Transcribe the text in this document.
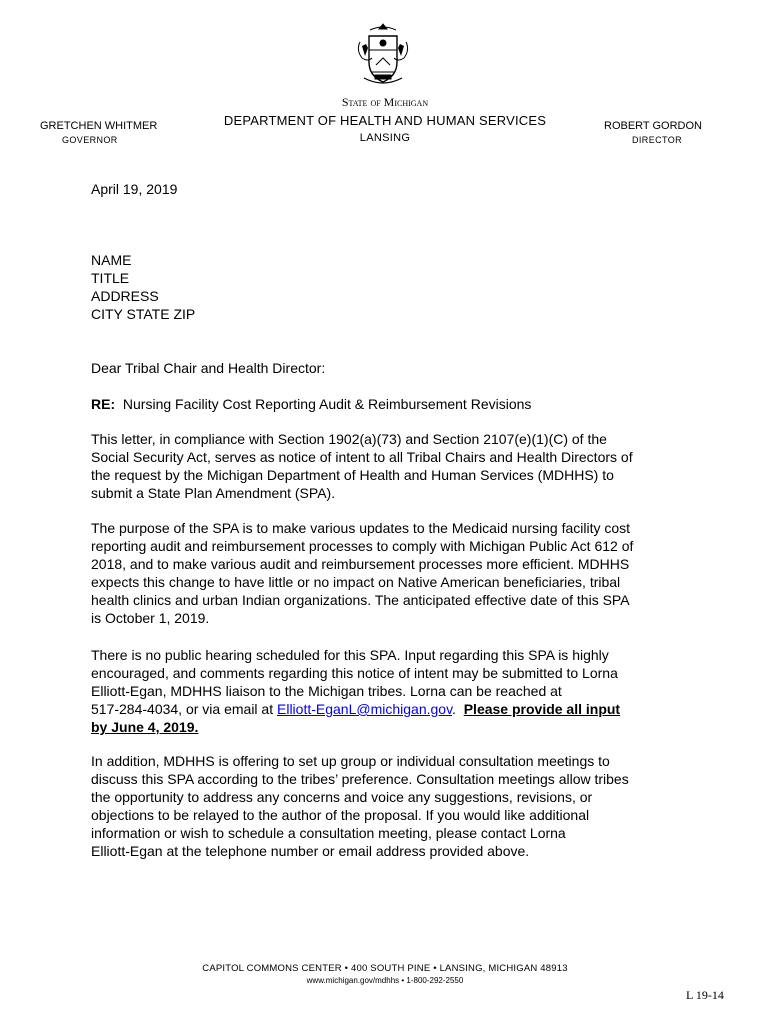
State of Michigan
DEPARTMENT OF HEALTH AND HUMAN SERVICES
LANSING
GRETCHEN WHITMER
GOVERNOR
ROBERT GORDON
DIRECTOR
April 19, 2019
NAME
TITLE
ADDRESS
CITY STATE ZIP
Dear Tribal Chair and Health Director:
RE: Nursing Facility Cost Reporting Audit & Reimbursement Revisions
This letter, in compliance with Section 1902(a)(73) and Section 2107(e)(1)(C) of the
Social Security Act, serves as notice of intent to all Tribal Chairs and Health Directors of
the request by the Michigan Department of Health and Human Services (MDHHS) to
submit a State Plan Amendment (SPA).
The purpose of the SPA is to make various updates to the Medicaid nursing facility cost
reporting audit and reimbursement processes to comply with Michigan Public Act 612 of
2018, and to make various audit and reimbursement processes more efficient. MDHHS
expects this change to have little or no impact on Native American beneficiaries, tribal
health clinics and urban Indian organizations. The anticipated effective date of this SPA
is October 1, 2019.
There is no public hearing scheduled for this SPA. Input regarding this SPA is highly
encouraged, and comments regarding this notice of intent may be submitted to Lorna
Elliott-Egan, MDHHS liaison to the Michigan tribes. Lorna can be reached at
517-284-4034, or via email at Elliott-EganL@michigan.gov.  Please provide all input
by June 4, 2019.
In addition, MDHHS is offering to set up group or individual consultation meetings to
discuss this SPA according to the tribes’ preference. Consultation meetings allow tribes
the opportunity to address any concerns and voice any suggestions, revisions, or
objections to be relayed to the author of the proposal. If you would like additional
information or wish to schedule a consultation meeting, please contact Lorna
Elliott-Egan at the telephone number or email address provided above.
CAPITOL COMMONS CENTER • 400 SOUTH PINE • LANSING, MICHIGAN 48913
www.michigan.gov/mdhhs • 1-800-292-2550
L 19-14
